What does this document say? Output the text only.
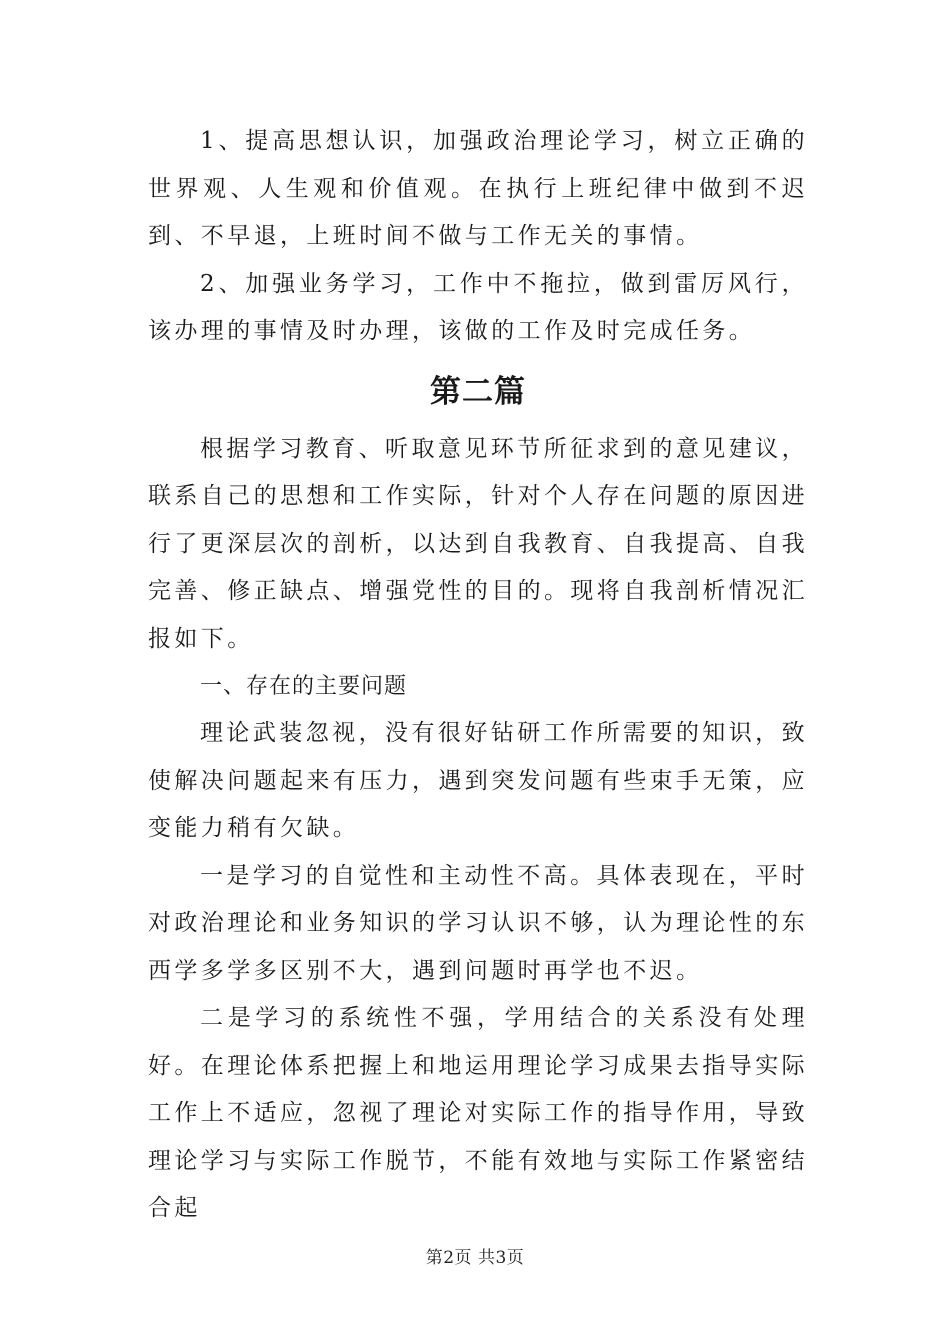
1、提高思想认识，加强政治理论学习，树立正确的世界观、人生观和价值观。在执行上班纪律中做到不迟到、不早退，上班时间不做与工作无关的事情。

2、加强业务学习，工作中不拖拉，做到雷厉风行，该办理的事情及时办理，该做的工作及时完成任务。

第二篇

根据学习教育、听取意见环节所征求到的意见建议，联系自己的思想和工作实际，针对个人存在问题的原因进行了更深层次的剖析，以达到自我教育、自我提高、自我完善、修正缺点、增强党性的目的。现将自我剖析情况汇报如下。

一、存在的主要问题

理论武装忽视，没有很好钻研工作所需要的知识，致使解决问题起来有压力，遇到突发问题有些束手无策，应变能力稍有欠缺。

一是学习的自觉性和主动性不高。具体表现在，平时对政治理论和业务知识的学习认识不够，认为理论性的东西学多学多区别不大，遇到问题时再学也不迟。

二是学习的系统性不强，学用结合的关系没有处理好。在理论体系把握上和地运用理论学习成果去指导实际工作上不适应，忽视了理论对实际工作的指导作用，导致理论学习与实际工作脱节，不能有效地与实际工作紧密结合起

第2页 共3页
